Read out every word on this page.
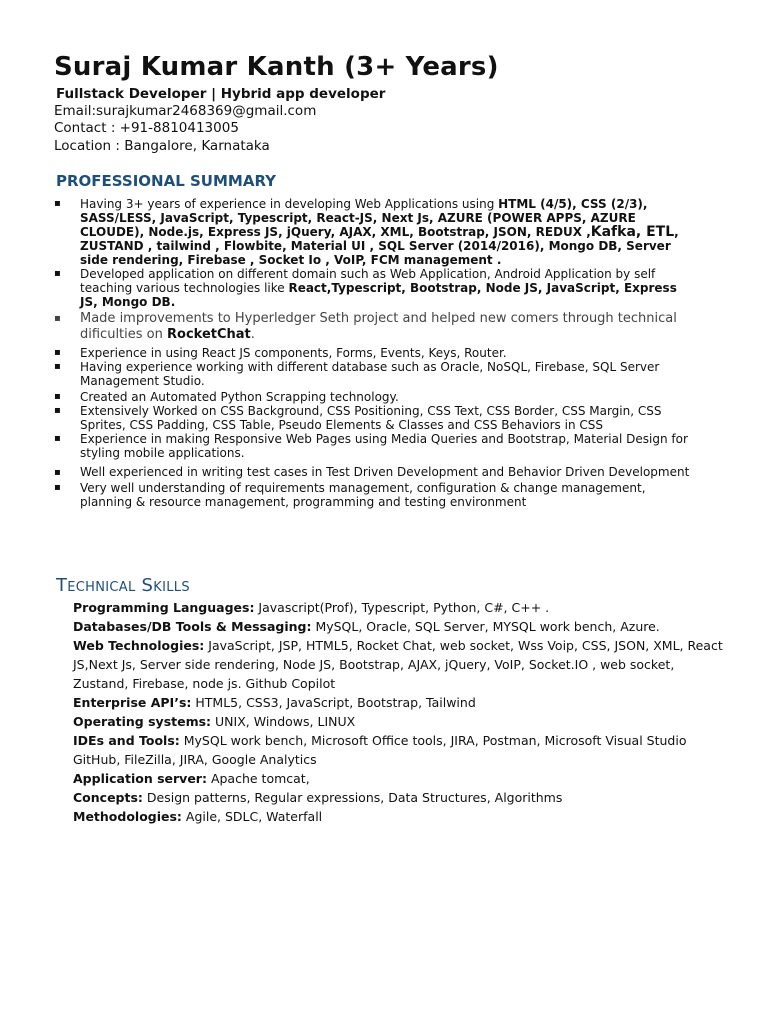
Suraj Kumar Kanth (3+ Years)
Fullstack Developer | Hybrid app developer
Email:surajkumar2468369@gmail.com
Contact : +91-8810413005
Location : Bangalore, Karnataka
PROFESSIONAL SUMMARY
▪ Having 3+ years of experience in developing Web Applications using HTML (4/5), CSS (2/3), SASS/LESS, JavaScript, Typescript, React-JS, Next Js, AZURE (POWER APPS, AZURE CLOUDE), Node.js, Express JS, jQuery, AJAX, XML, Bootstrap, JSON, REDUX ,Kafka, ETL, ZUSTAND , tailwind , Flowbite, Material UI , SQL Server (2014/2016), Mongo DB, Server side rendering, Firebase , Socket Io , VoIP, FCM management .
▪ Developed application on different domain such as Web Application, Android Application by self teaching various technologies like React,Typescript, Bootstrap, Node JS, JavaScript, Express JS, Mongo DB.
▪ Made improvements to Hyperledger Seth project and helped new comers through technical dificulties on RocketChat.
▪ Experience in using React JS components, Forms, Events, Keys, Router.
▪ Having experience working with different database such as Oracle, NoSQL, Firebase, SQL Server Management Studio.
▪ Created an Automated Python Scrapping technology.
▪ Extensively Worked on CSS Background, CSS Positioning, CSS Text, CSS Border, CSS Margin, CSS Sprites, CSS Padding, CSS Table, Pseudo Elements & Classes and CSS Behaviors in CSS
▪ Experience in making Responsive Web Pages using Media Queries and Bootstrap, Material Design for styling mobile applications.
▪ Well experienced in writing test cases in Test Driven Development and Behavior Driven Development
▪ Very well understanding of requirements management, configuration & change management, planning & resource management, programming and testing environment
Technical Skills

Programming Languages: Javascript(Prof), Typescript, Python, C#, C++ .

Databases/DB Tools & Messaging: MySQL, Oracle, SQL Server, MYSQL work bench, Azure.

Web Technologies: JavaScript, JSP, HTML5, Rocket Chat, web socket, Wss Voip, CSS, JSON, XML, React JS,Next Js, Server side rendering, Node JS, Bootstrap, AJAX, jQuery, VoIP, Socket.IO , web socket, Zustand, Firebase, node js. Github Copilot

Enterprise API’s: HTML5, CSS3, JavaScript, Bootstrap, Tailwind

Operating systems: UNIX, Windows, LINUX

IDEs and Tools: MySQL work bench, Microsoft Office tools, JIRA, Postman, Microsoft Visual Studio GitHub, FileZilla, JIRA, Google Analytics

Application server: Apache tomcat,

Concepts: Design patterns, Regular expressions, Data Structures, Algorithms

Methodologies: Agile, SDLC, Waterfall
